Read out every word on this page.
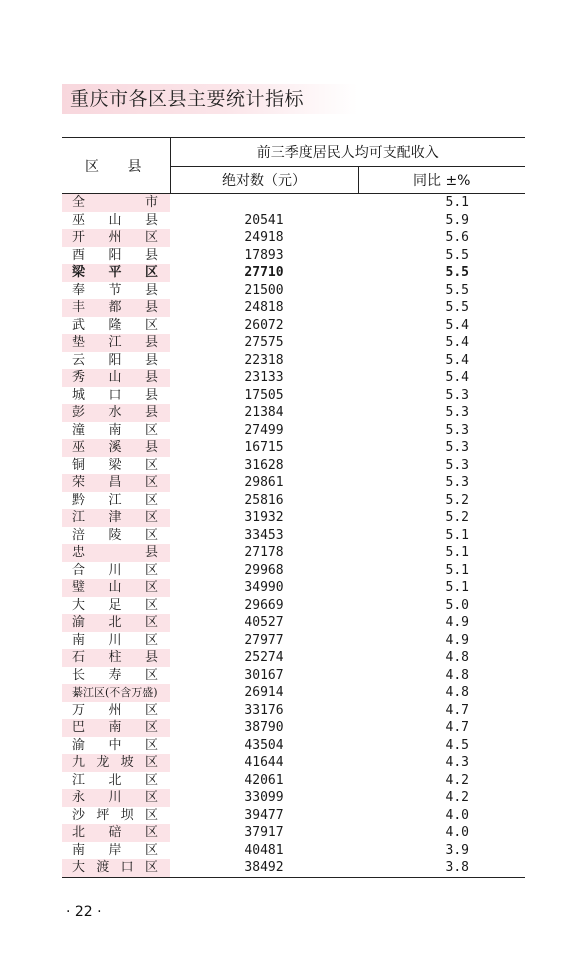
重庆市各区县主要统计指标
区 县	前三季度居民人均可支配收入	
	绝对数（元）	同比 ±%

全 市		5.1

巫 山 县	20541	5.9

开 州 区	24918	5.6

酉 阳 县	17893	5.5

梁 平 区	27710	5.5

奉 节 县	21500	5.5

丰 都 县	24818	5.5

武 隆 区	26072	5.4

垫 江 县	27575	5.4

云 阳 县	22318	5.4

秀 山 县	23133	5.4

城 口 县	17505	5.3

彭 水 县	21384	5.3

潼 南 区	27499	5.3

巫 溪 县	16715	5.3

铜 梁 区	31628	5.3

荣 昌 区	29861	5.3

黔 江 区	25816	5.2

江 津 区	31932	5.2

涪 陵 区	33453	5.1

忠 县	27178	5.1

合 川 区	29968	5.1

璧 山 区	34990	5.1

大 足 区	29669	5.0

渝 北 区	40527	4.9

南 川 区	27977	4.9

石 柱 县	25274	4.8

长 寿 区	30167	4.8

綦江区(不含万盛)	26914	4.8

万 州 区	33176	4.7

巴 南 区	38790	4.7

渝 中 区	43504	4.5

九 龙 坡 区	41644	4.3

江 北 区	42061	4.2

永 川 区	33099	4.2

沙 坪 坝 区	39477	4.0

北 碚 区	37917	4.0

南 岸 区	40481	3.9

大 渡 口 区	38492	3.8
· 22 ·
